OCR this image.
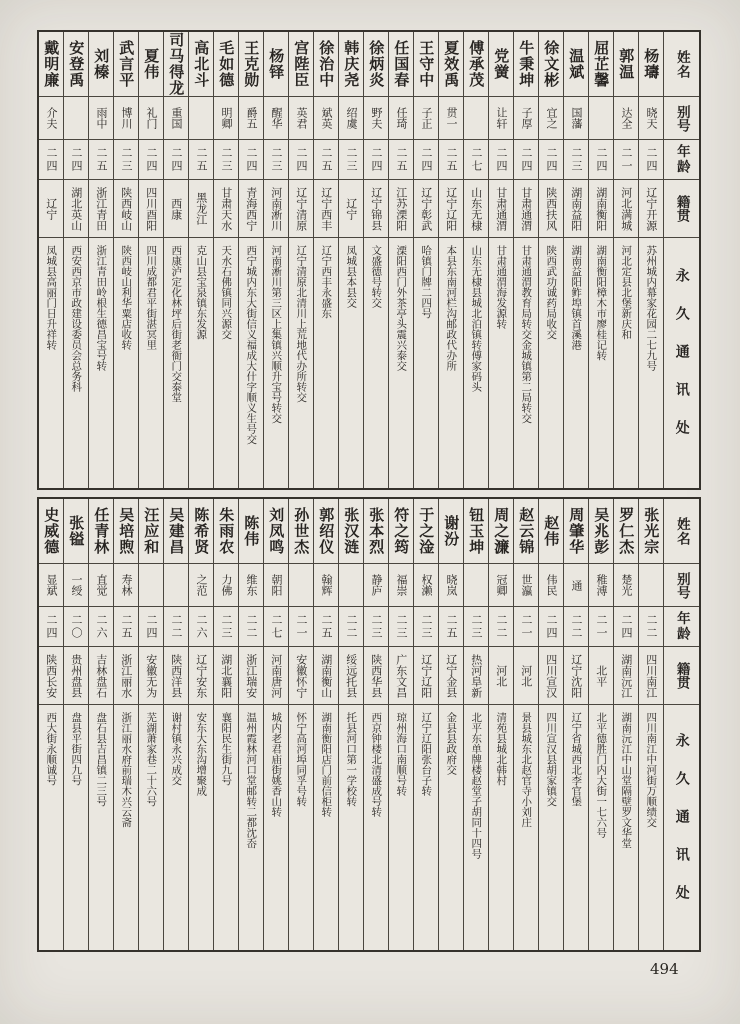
姓名
别号
年龄
籍贯
永久通讯处
杨璹
晓天
二四
辽宁开源
苏州城内幕家花园二七九号
郭温
达全
二一
河北满城
河北定县北堡新庆和
屈芷馨
二四
湖南衡阳
湖南衡阳樟木市廖桂记转
温斌
国藩
二三
湖南益阳
湖南益阳鲊埠镇首溪港
徐文彬
宜之
二四
陕西扶风
陕西武功诚药局收交
牛秉坤
子厚
二四
甘肃通渭
甘肃通渭教育局转交金城镇第二局转交
党黉
让轩
二四
甘肃通渭
甘肃通渭海发源转
傅承茂
二七
山东无棣
山东无棣县城北泊镇转傅家码头
夏效禹
贯一
二五
辽宁辽阳
本县东南河栏沟邮政代办所
王守中
子正
二四
辽宁彰武
哈镇门牌二四号
任国春
任琦
二五
江苏溧阳
溧阳西门外茶亭头震兴泰交
徐炳炎
野夫
二四
辽宁锦县
文盛德号转交
韩庆尧
绍虞
二三
辽宁
凤城县本县交
徐治中
斌英
二五
辽宁西丰
辽宁西丰永盛东
宫陛臣
英君
二四
辽宁清原
辽宁清原北清川上荒地代办所转交
杨铎
醒华
二三
河南淅川
河南淅川第三区上集镇兴顺升宝号转交
王克勋
爵五
二四
青海西宁
西宁城内东大街信义福成大什字顺义生号交
毛如德
明卿
二三
甘肃天水
天水石佛镇同兴源交
高北斗
二五
黑龙江
克山县宝泉镇东发源
司马得龙
重国
二四
西康
西康泸定化林坪后街老衙门交泰堂
夏伟
礼门
二四
四川酉阳
四川成都君平街湛冥里
武言平
博川
二三
陕西岐山
陕西岐山利华粟店收转
刘榛
雨中
二五
浙江青田
浙江青田岭根生德昌宝号转
安登禹
二四
湖北英山
西安西京市政建设委员会总务科
戴明廉
介夫
二四
辽宁
凤城县高丽门日升祥转
姓名
别号
年龄
籍贯
永久通讯处
张光宗
二二
四川南江
四川南江中河街万顺绩交
罗仁杰
楚光
二四
湖南沅江
湖南沅江中山堂隔壁罗文华堂
吴兆彭
稚溥
二一
北平
北平德胜门内大街一七六号
周肇华
通
二二
辽宁沈阳
辽宁省城西北李官堡
赵伟
伟民
二四
四川宣汉
四川宣汉县胡家镇交
赵云锦
世瀛
二一
河北
景县城东北赵官寺小刘庄
周之濂
冠卿
二二
河北
清苑县城北韩村
钮玉坤
二三
热河阜新
北平东单牌楼赵堂子胡同十四号
谢汾
晓岚
二五
辽宁金县
金县县政府交
于之淦
权濑
二三
辽宁辽阳
辽宁辽阳张台子转
符之筠
福崇
二三
广东文昌
琼州海口南顺号转
张本烈
静庐
二三
陕西华县
西京钟楼北清盛成号转
张汉涟
二二
绥远托县
托县河口第一学校转
郭绍仪
翰辉
二五
湖南衡山
湖南衡阳店门前信柜转
孙世杰
二一
安徽怀宁
怀宁高河埠同孚号转
刘凤鸣
朝阳
二七
河南唐河
城内老君庙街姚香山转
陈伟
维东
二二
浙江瑞安
温州霞林河口堂邮转二都沈岙
朱雨农
力佛
二三
湖北襄阳
襄阳民生街九号
陈希贤
之范
二六
辽宁安东
安东大东沟增聚成
吴建昌
二二
陕西洋县
谢村镇永兴成交
汪应和
二四
安徽无为
芜湖萧家巷二十六号
吴培煦
寿林
二五
浙江丽水
浙江丽水府前瑞木兴云斋
任青林
直觉
二六
吉林盘石
盘石县吉昌镇二三号
张镒
一绶
二〇
贵州盘县
盘县平街四九号
史威德
显斌
二四
陕西长安
西大街永顺诚号
494
